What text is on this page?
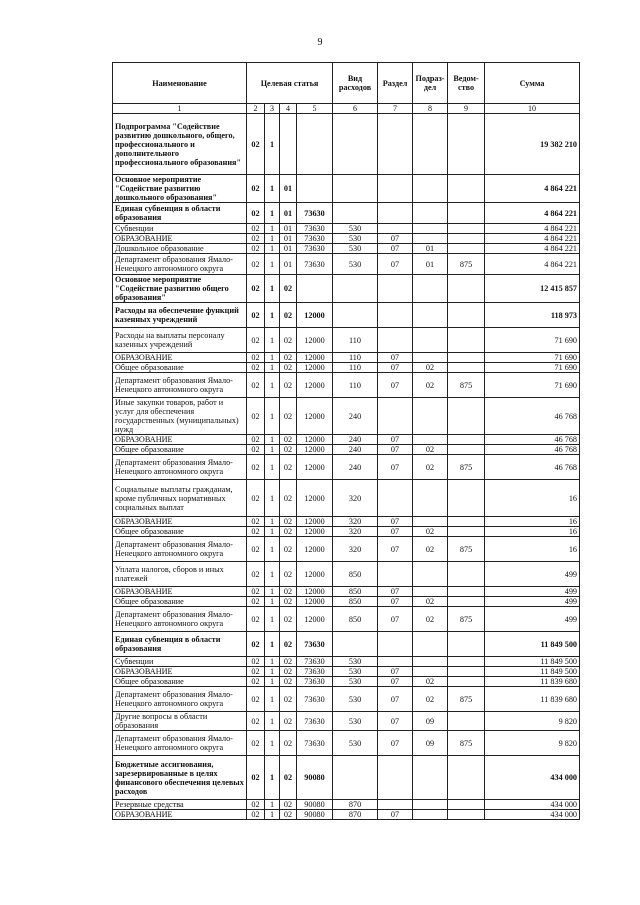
9
Наименование	Целевая статья				Вид расходов	Раздел	Подраз-дел	Ведом-ство	Сумма
1	2	3	4	5	6	7	8	9	10
Подпрограмма "Содействие развитию дошкольного, общего, профессионального и дополнительного профессионального образования"	02	1							19 382 210
Основное мероприятие "Содействие развитию дошкольного образования"	02	1	01						4 864 221
Единая субвенция в области образования	02	1	01	73630					4 864 221
Субвенции	02	1	01	73630	530				4 864 221
ОБРАЗОВАНИЕ	02	1	01	73630	530	07			4 864 221
Дошкольное образование	02	1	01	73630	530	07	01		4 864 221
Департамент образования Ямало-Ненецкого автономного округа	02	1	01	73630	530	07	01	875	4 864 221
Основное мероприятие "Содействие развитию общего образования"	02	1	02						12 415 857
Расходы на обеспечение функций казенных учреждений	02	1	02	12000					118 973
Расходы на выплаты персоналу казенных учреждений	02	1	02	12000	110				71 690
ОБРАЗОВАНИЕ	02	1	02	12000	110	07			71 690
Общее образование	02	1	02	12000	110	07	02		71 690
Департамент образования Ямало-Ненецкого автономного округа	02	1	02	12000	110	07	02	875	71 690
Иные закупки товаров, работ и услуг для обеспечения государственных (муниципальных) нужд	02	1	02	12000	240				46 768
ОБРАЗОВАНИЕ	02	1	02	12000	240	07			46 768
Общее образование	02	1	02	12000	240	07	02		46 768
Департамент образования Ямало-Ненецкого автономного округа	02	1	02	12000	240	07	02	875	46 768
Социальные выплаты гражданам, кроме публичных нормативных социальных выплат	02	1	02	12000	320				16
ОБРАЗОВАНИЕ	02	1	02	12000	320	07			16
Общее образование	02	1	02	12000	320	07	02		16
Департамент образования Ямало-Ненецкого автономного округа	02	1	02	12000	320	07	02	875	16
Уплата налогов, сборов и иных платежей	02	1	02	12000	850				499
ОБРАЗОВАНИЕ	02	1	02	12000	850	07			499
Общее образование	02	1	02	12000	850	07	02		499
Департамент образования Ямало-Ненецкого автономного округа	02	1	02	12000	850	07	02	875	499
Единая субвенция в области образования	02	1	02	73630					11 849 500
Субвенции	02	1	02	73630	530				11 849 500
ОБРАЗОВАНИЕ	02	1	02	73630	530	07			11 849 500
Общее образование	02	1	02	73630	530	07	02		11 839 680
Департамент образования Ямало-Ненецкого автономного округа	02	1	02	73630	530	07	02	875	11 839 680
Другие вопросы в области образования	02	1	02	73630	530	07	09		9 820
Департамент образования Ямало-Ненецкого автономного округа	02	1	02	73630	530	07	09	875	9 820
Бюджетные ассигнования, зарезервированные в целях финансового обеспечения целевых расходов	02	1	02	90080					434 000
Резервные средства	02	1	02	90080	870				434 000
ОБРАЗОВАНИЕ	02	1	02	90080	870	07			434 000
